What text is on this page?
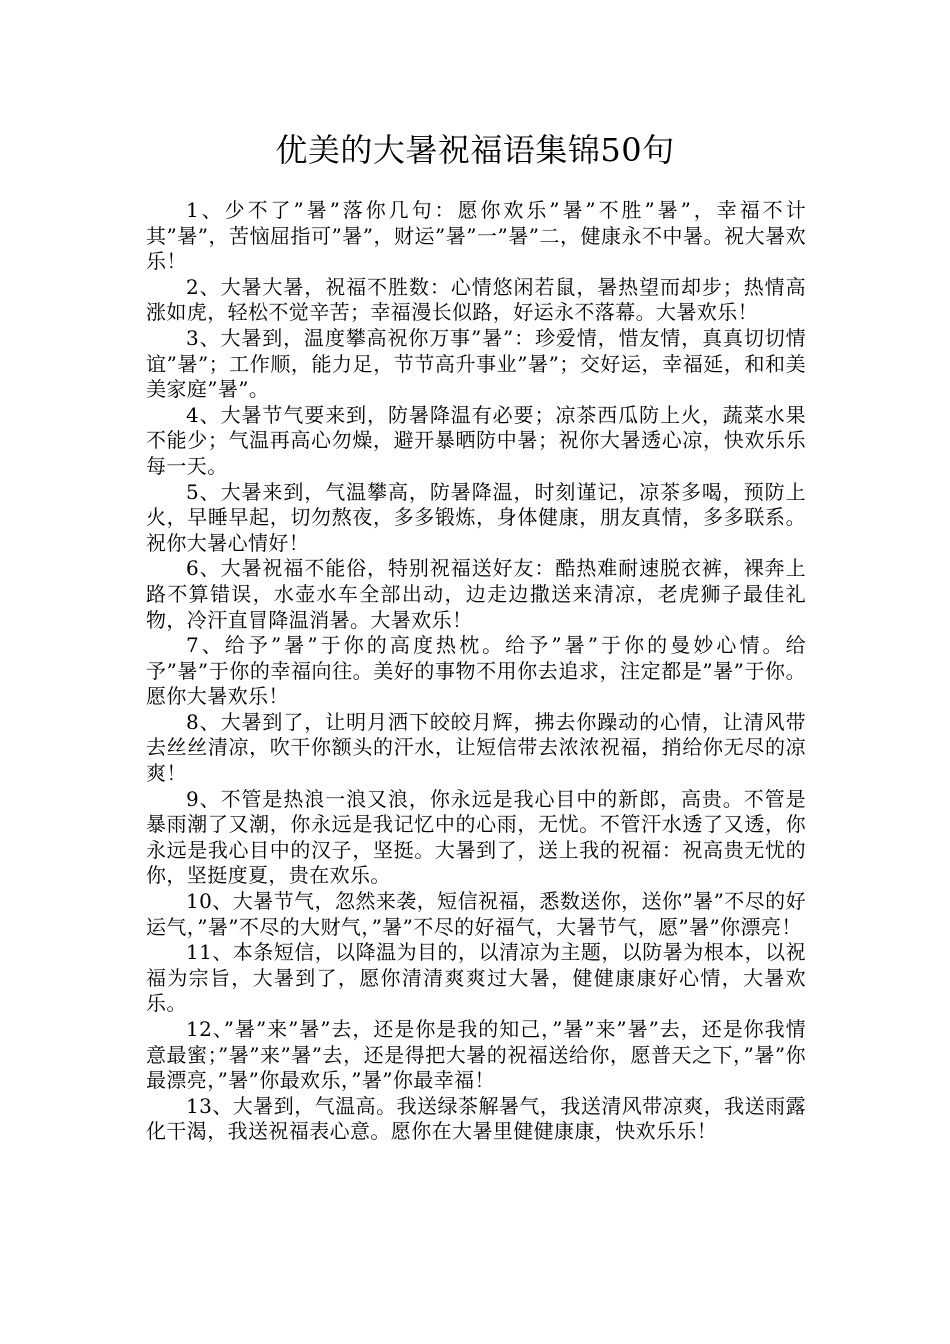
优美的大暑祝福语集锦50句

1、少不了”暑”落你几句：愿你欢乐”暑”不胜”暑”，幸福不计其”暑”，苦恼屈指可”暑”，财运”暑”一”暑”二，健康永不中暑。祝大暑欢乐！

2、大暑大暑，祝福不胜数：心情悠闲若鼠，暑热望而却步；热情高涨如虎，轻松不觉辛苦；幸福漫长似路，好运永不落幕。大暑欢乐！

3、大暑到，温度攀高祝你万事”暑”：珍爱情，惜友情，真真切切情谊”暑”；工作顺，能力足，节节高升事业”暑”；交好运，幸福延，和和美美家庭”暑”。

4、大暑节气要来到，防暑降温有必要；凉茶西瓜防上火，蔬菜水果不能少；气温再高心勿燥，避开暴晒防中暑；祝你大暑透心凉，快欢乐乐每一天。

5、大暑来到，气温攀高，防暑降温，时刻谨记，凉茶多喝，预防上火，早睡早起，切勿熬夜，多多锻炼，身体健康，朋友真情，多多联系。祝你大暑心情好！

6、大暑祝福不能俗，特别祝福送好友：酷热难耐速脱衣裤，裸奔上路不算错误，水壶水车全部出动，边走边撒送来清凉，老虎狮子最佳礼物，冷汗直冒降温消暑。大暑欢乐！

7、给予”暑”于你的高度热枕。给予”暑”于你的曼妙心情。给予”暑”于你的幸福向往。美好的事物不用你去追求，注定都是”暑”于你。愿你大暑欢乐！

8、大暑到了，让明月洒下皎皎月辉，拂去你躁动的心情，让清风带去丝丝清凉，吹干你额头的汗水，让短信带去浓浓祝福，捎给你无尽的凉爽！

9、不管是热浪一浪又浪，你永远是我心目中的新郎，高贵。不管是暴雨潮了又潮，你永远是我记忆中的心雨，无忧。不管汗水透了又透，你永远是我心目中的汉子，坚挺。大暑到了，送上我的祝福：祝高贵无忧的你，坚挺度夏，贵在欢乐。

10、大暑节气，忽然来袭，短信祝福，悉数送你，送你”暑”不尽的好运气，”暑”不尽的大财气，”暑”不尽的好福气，大暑节气，愿”暑”你漂亮！

11、本条短信，以降温为目的，以清凉为主题，以防暑为根本，以祝福为宗旨，大暑到了，愿你清清爽爽过大暑，健健康康好心情，大暑欢乐。

12、”暑”来”暑”去，还是你是我的知己，”暑”来”暑”去，还是你我情意最蜜；”暑”来”暑”去，还是得把大暑的祝福送给你，愿普天之下，”暑”你最漂亮，”暑”你最欢乐，”暑”你最幸福！

13、大暑到，气温高。我送绿茶解暑气，我送清风带凉爽，我送雨露化干渴，我送祝福表心意。愿你在大暑里健健康康，快欢乐乐！
